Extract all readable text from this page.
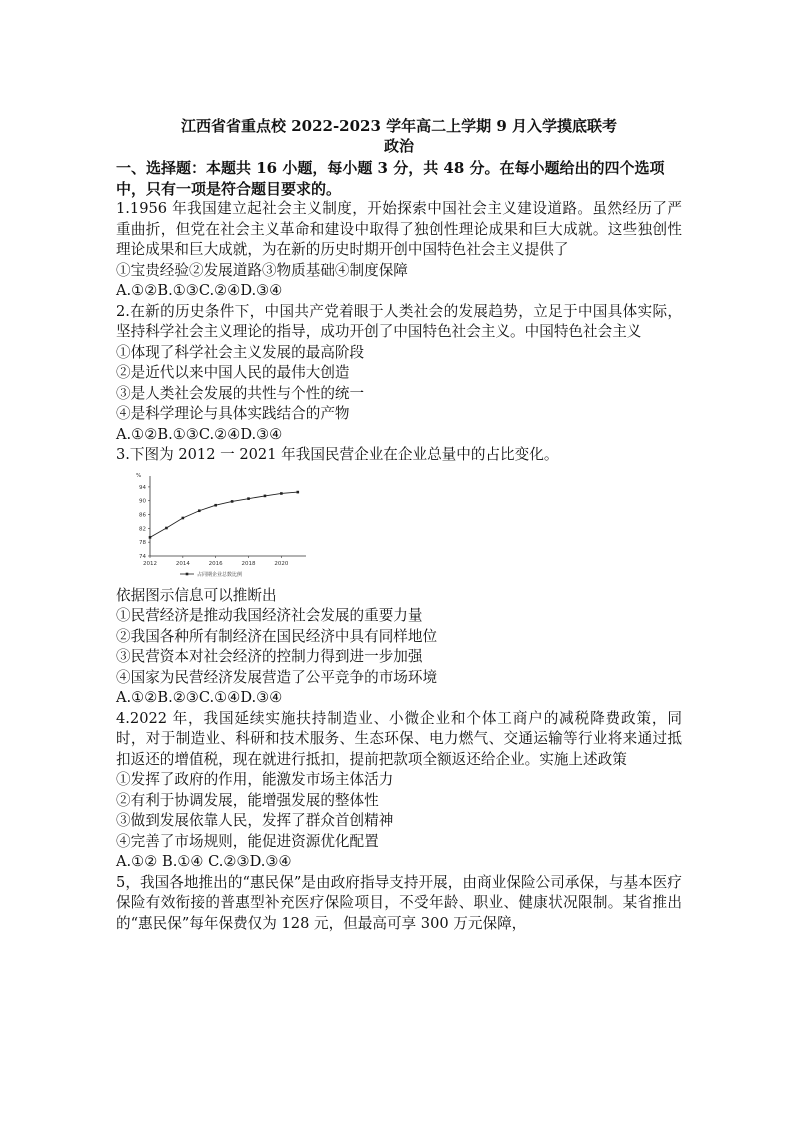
江西省省重点校 2022-2023 学年高二上学期 9 月入学摸底联考

政治

一、选择题：本题共 16 小题，每小题 3 分，共 48 分。在每小题给出的四个选项中，只有一项是符合题目要求的。

1.1956 年我国建立起社会主义制度，开始探索中国社会主义建设道路。虽然经历了严重曲折，但党在社会主义革命和建设中取得了独创性理论成果和巨大成就。这些独创性理论成果和巨大成就，为在新的历史时期开创中国特色社会主义提供了

①宝贵经验②发展道路③物质基础④制度保障

A.①②B.①③C.②④D.③④

2.在新的历史条件下，中国共产党着眼于人类社会的发展趋势，立足于中国具体实际，坚持科学社会主义理论的指导，成功开创了中国特色社会主义。中国特色社会主义

①体现了科学社会主义发展的最高阶段

②是近代以来中国人民的最伟大创造

③是人类社会发展的共性与个性的统一

④是科学理论与具体实践结合的产物

A.①②B.①③C.②④D.③④

3.下图为 2012 一 2021 年我国民营企业在企业总量中的占比变化。

%
74
78
82
86
90
94
2012	2014	2016	2018	2020
占同期企业总数比例

依据图示信息可以推断出

①民营经济是推动我国经济社会发展的重要力量

②我国各种所有制经济在国民经济中具有同样地位

③民营资本对社会经济的控制力得到进一步加强

④国家为民营经济发展营造了公平竞争的市场环境

A.①②B.②③C.①④D.③④

4.2022 年，我国延续实施扶持制造业、小微企业和个体工商户的减税降费政策，同时，对于制造业、科研和技术服务、生态环保、电力燃气、交通运输等行业将来通过抵扣返还的增值税，现在就进行抵扣，提前把款项全额返还给企业。实施上述政策

①发挥了政府的作用，能激发市场主体活力

②有利于协调发展，能增强发展的整体性

③做到发展依靠人民，发挥了群众首创精神

④完善了市场规则，能促进资源优化配置

A.①② B.①④ C.②③D.③④

5，我国各地推出的“惠民保”是由政府指导支持开展，由商业保险公司承保，与基本医疗保险有效衔接的普惠型补充医疗保险项目，不受年龄、职业、健康状况限制。某省推出的“惠民保”每年保费仅为 128 元，但最高可享 300 万元保障，
